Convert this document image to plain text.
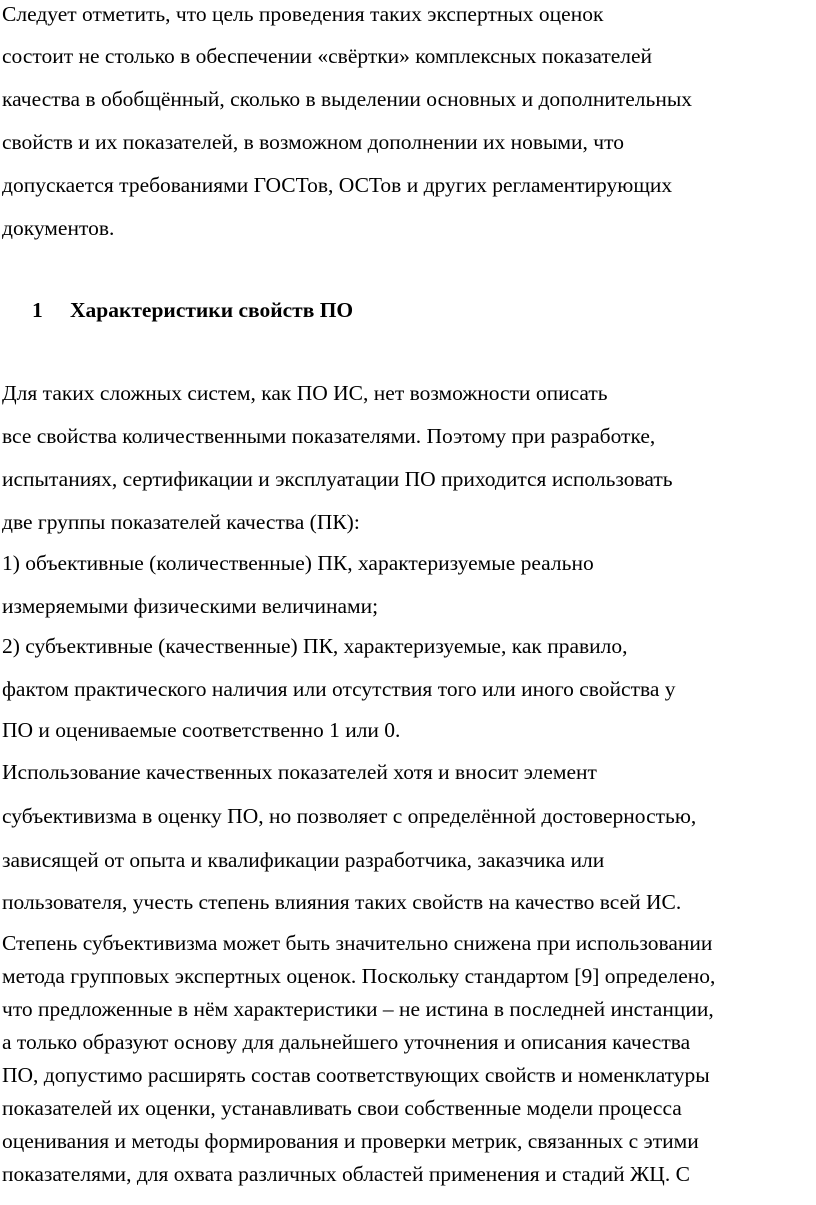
Следует отметить, что цель проведения таких экспертных оценок
состоит не столько в обеспечении «свёртки» комплексных показателей
качества в обобщённый, сколько в выделении основных и дополнительных
свойств и их показателей, в возможном дополнении их новыми, что
допускается требованиями ГОСТов, ОСТов и других регламентирующих
документов.
1 Характеристики свойств ПО
Для таких сложных систем, как ПО ИС, нет возможности описать
все свойства количественными показателями. Поэтому при разработке,
испытаниях, сертификации и эксплуатации ПО приходится использовать
две группы показателей качества (ПК):
1) объективные (количественные) ПК, характеризуемые реально
измеряемыми физическими величинами;
2) субъективные (качественные) ПК, характеризуемые, как правило,
фактом практического наличия или отсутствия того или иного свойства у
ПО и оцениваемые соответственно 1 или 0.
Использование качественных показателей хотя и вносит элемент
субъективизма в оценку ПО, но позволяет с определённой достоверностью,
зависящей от опыта и квалификации разработчика, заказчика или
пользователя, учесть степень влияния таких свойств на качество всей ИС.
Степень субъективизма может быть значительно снижена при использовании
метода групповых экспертных оценок. Поскольку стандартом [9] определено,
что предложенные в нём характеристики – не истина в последней инстанции,
а только образуют основу для дальнейшего уточнения и описания качества
ПО, допустимо расширять состав соответствующих свойств и номенклатуры
показателей их оценки, устанавливать свои собственные модели процесса
оценивания и методы формирования и проверки метрик, связанных с этими
показателями, для охвата различных областей применения и стадий ЖЦ. С
